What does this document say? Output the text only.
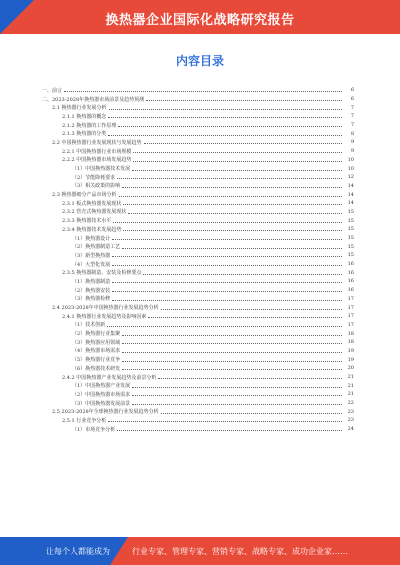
换热器企业国际化战略研究报告
内容目录
一、前言	6
二、2023-2028年换热器市场前景及趋势预测	6
2.1 换热器行业发展分析	7
2.1.1 换热器的概念	7
2.1.2 换热器的工作原理	7
2.1.3 换热器的分类	8
2.2 中国换热器行业发展现状与发展趋势	9
2.2.1 中国换热器行业市场规模	9
2.2.2 中国换热器市场发展趋势	10
（1）中国换热器技术发展	10
（2）节能降耗要求	12
（3）相关政策的影响	14
2.3 换热器细分产品市场分析	14
2.3.1 板式换热器发展现状	14
2.3.2 管壳式换热器发展现状	15
2.3.3 换热器技术水平	15
2.3.4 换热器技术发展趋势	15
（1）换热器设计	15
（2）换热器制造工艺	15
（3）新型换热器	15
（4）大型化发展	16
2.3.5 换热器制造、安装及检修要点	16
（1）换热器制造	16
（2）换热器安装	16
（3）换热器检修	17
2.4 2023-2028年中国换热器行业发展趋势分析	17
2.4.1 换热器行业发展趋势及影响因素	17
（1）技术创新	17
（2）换热器行业集聚	18
（3）换热器应用领域	18
（4）换热器市场需求	19
（5）换热器行业竞争	19
（6）换热器技术研发	20
2.4.2 中国换热器产业发展趋势及前景分析	21
（1）中国换热器产业发展	21
（2）中国换热器市场需求	21
（3）中国换热器发展前景	22
2.5 2023-2028年全球换热器行业发展趋势分析	23
2.5.1 行业竞争分析	23
（1）市场竞争分析	24
让每个人都能成为	行业专家、管理专家、营销专家、战略专家、成功企业家……
